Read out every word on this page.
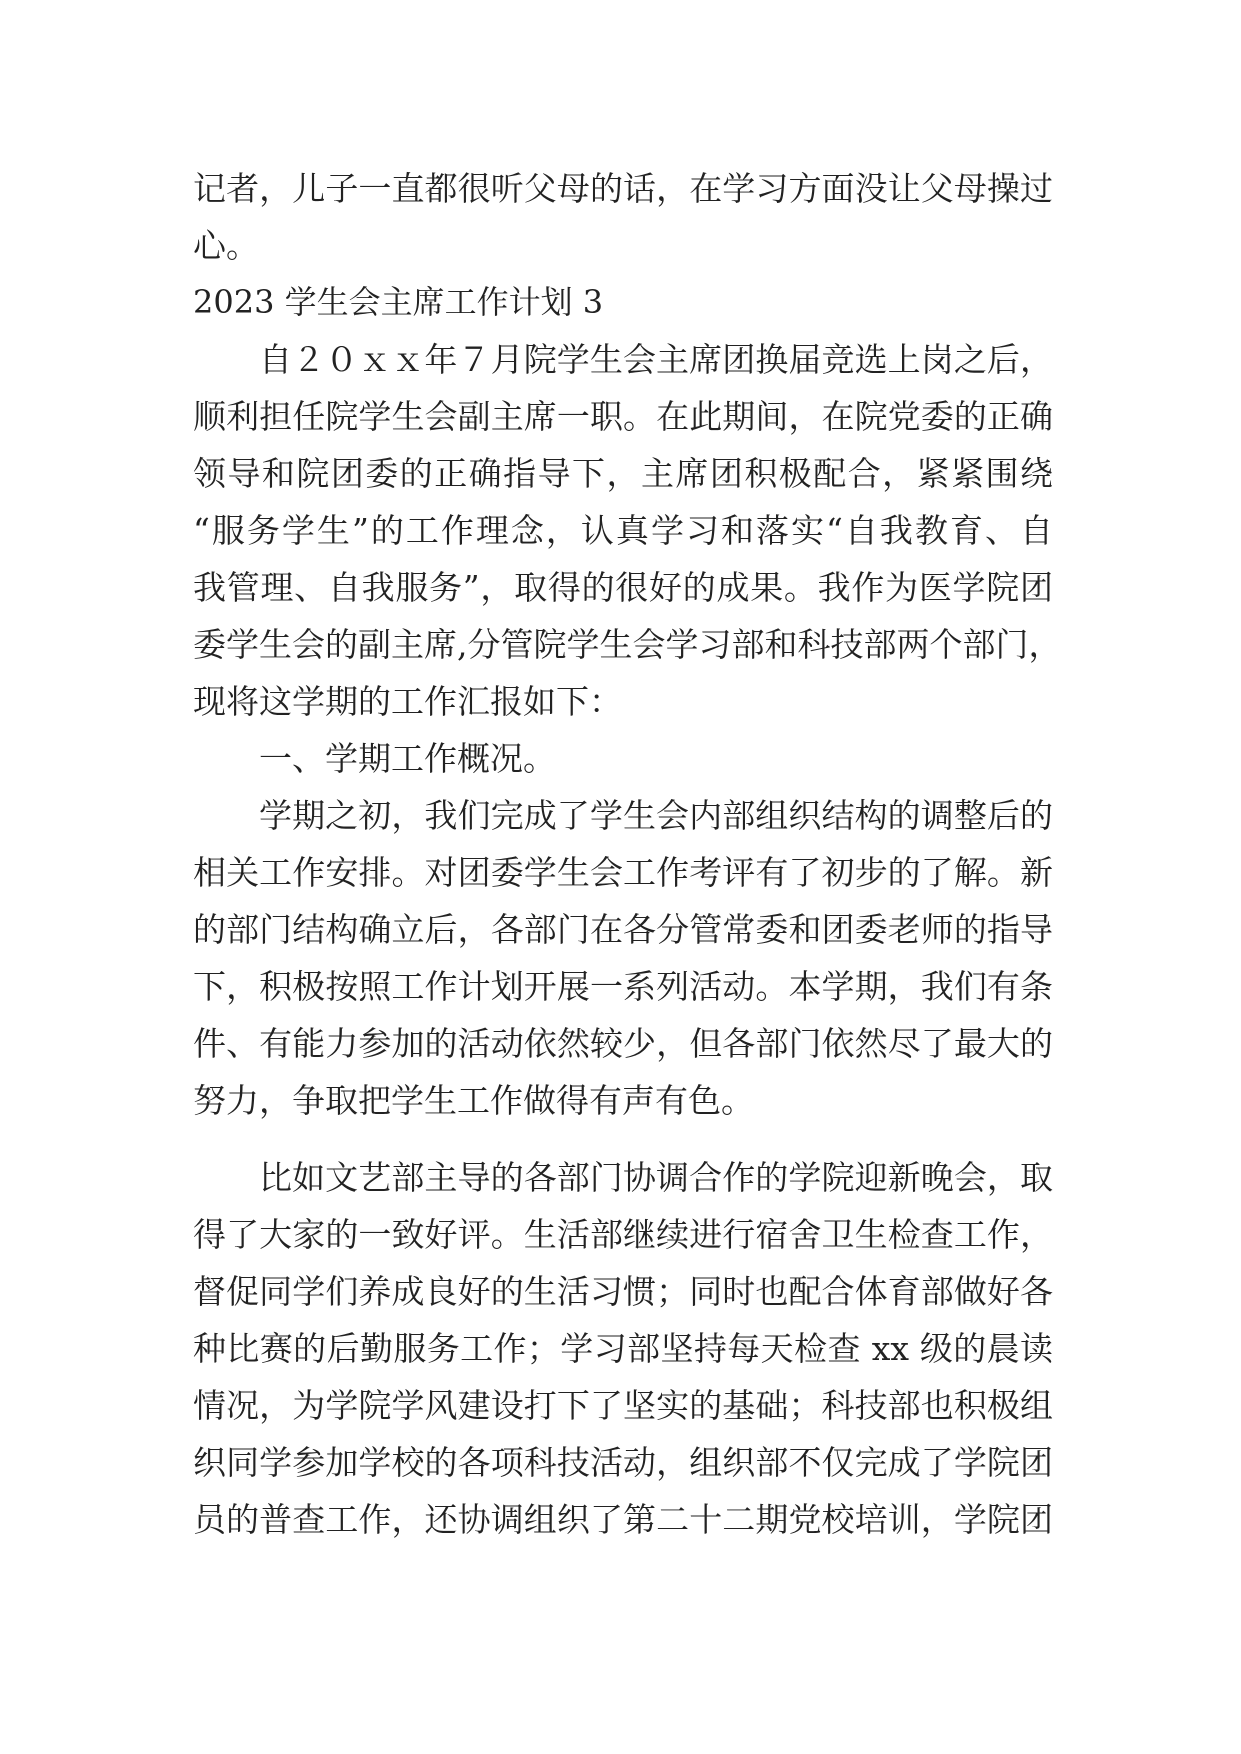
记者，儿子一直都很听父母的话，在学习方面没让父母操过
心。
2023 学生会主席工作计划 3
自２０ｘｘ年７月院学生会主席团换届竞选上岗之后，
顺利担任院学生会副主席一职。在此期间，在院党委的正确
领导和院团委的正确指导下，主席团积极配合，紧紧围绕
“服务学生”的工作理念，认真学习和落实“自我教育、自
我管理、自我服务”，取得的很好的成果。我作为医学院团
委学生会的副主席,分管院学生会学习部和科技部两个部门，
现将这学期的工作汇报如下：
一、学期工作概况。
学期之初，我们完成了学生会内部组织结构的调整后的
相关工作安排。对团委学生会工作考评有了初步的了解。新
的部门结构确立后，各部门在各分管常委和团委老师的指导
下，积极按照工作计划开展一系列活动。本学期，我们有条
件、有能力参加的活动依然较少，但各部门依然尽了最大的
努力，争取把学生工作做得有声有色。
比如文艺部主导的各部门协调合作的学院迎新晚会，取
得了大家的一致好评。生活部继续进行宿舍卫生检查工作，
督促同学们养成良好的生活习惯；同时也配合体育部做好各
种比赛的后勤服务工作；学习部坚持每天检查 xx 级的晨读
情况，为学院学风建设打下了坚实的基础；科技部也积极组
织同学参加学校的各项科技活动，组织部不仅完成了学院团
员的普查工作，还协调组织了第二十二期党校培训，学院团
